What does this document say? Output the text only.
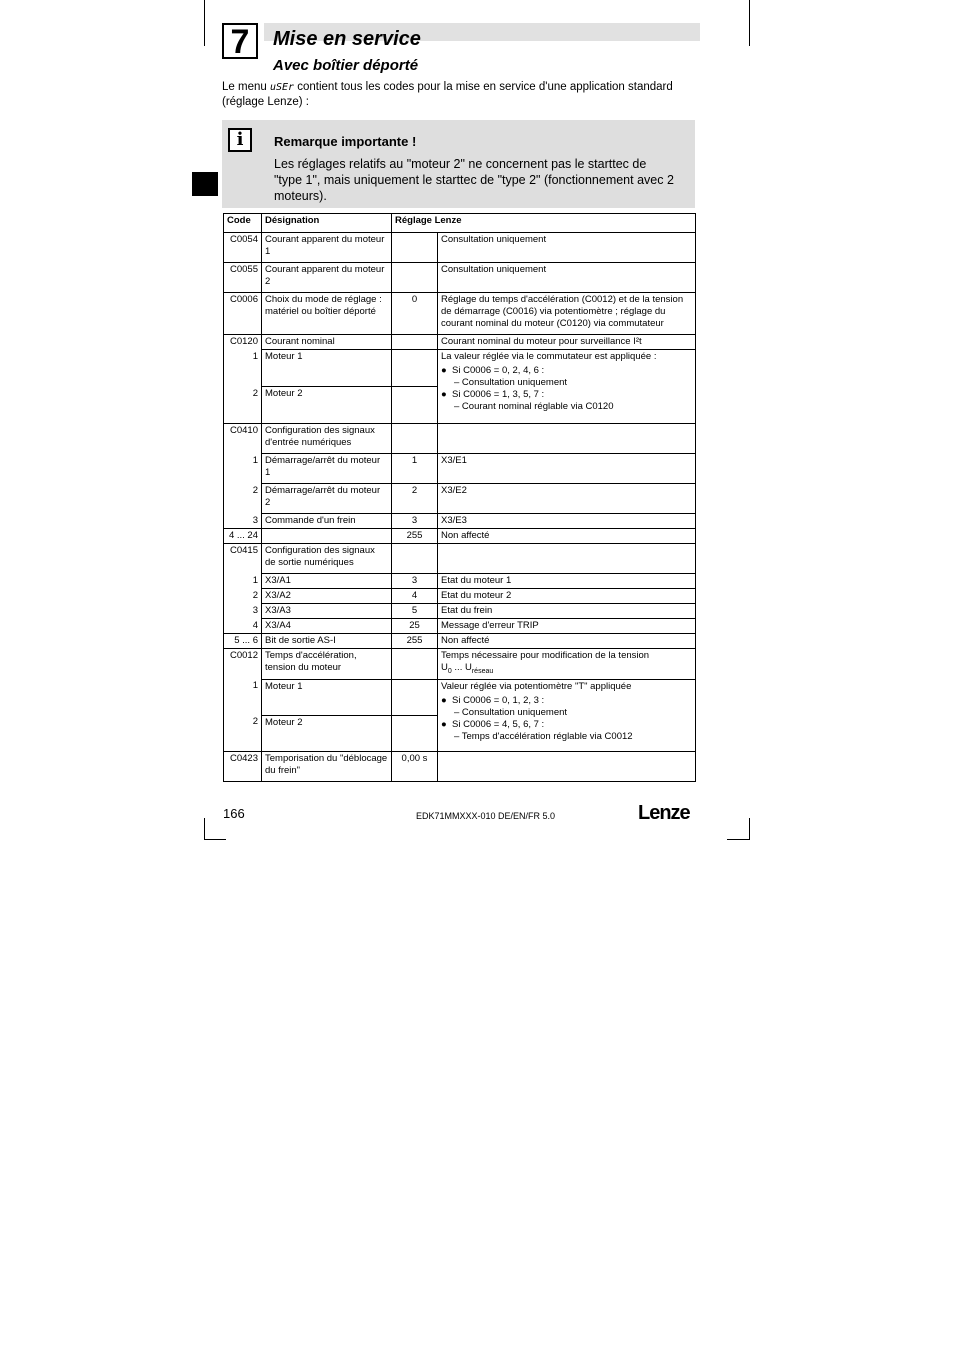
7	Mise en service
Avec boîtier déporté
Le menu uSEr contient tous les codes pour la mise en service d'une application standard (réglage Lenze) :
i	Remarque importante !
Les réglages relatifs au "moteur 2" ne concernent pas le starttec de "type 1", mais uniquement le starttec de "type 2" (fonctionnement avec 2 moteurs).
Code	Désignation	Réglage Lenze	
C0054	Courant apparent du moteur 1		Consultation uniquement
C0055	Courant apparent du moteur 2		Consultation uniquement
C0006	Choix du mode de réglage : matériel ou boîtier déporté	0	Réglage du temps d'accélération (C0012) et de la tension de démarrage (C0016) via potentiomètre ; réglage du courant nominal du moteur (C0120) via commutateur
C0120	Courant nominal		Courant nominal du moteur pour surveillance I²t
1	Moteur 1		La valeur réglée via le commutateur est appliquée :
●  Si C0006 = 0, 2, 4, 6 :
– Consultation uniquement
●  Si C0006 = 1, 3, 5, 7 :
– Courant nominal réglable via C0120

2	Moteur 2		
C0410	Configuration des signaux d'entrée numériques		
1	Démarrage/arrêt du moteur 1	1	X3/E1
2	Démarrage/arrêt du moteur 2	2	X3/E2
3	Commande d'un frein	3	X3/E3
4 ... 24		255	Non affecté
C0415	Configuration des signaux de sortie numériques		
1	X3/A1	3	Etat du moteur 1
2	X3/A2	4	Etat du moteur 2
3	X3/A3	5	Etat du frein
4	X3/A4	25	Message d'erreur TRIP
5 ... 6	Bit de sortie AS-I	255	Non affecté
C0012	Temps d'accélération, tension du moteur		Temps nécessaire pour modification de la tension
$U_0$ ... $U_{réseau}$

1	Moteur 1		Valeur réglée via potentiomètre "T" appliquée
●  Si C0006 = 0, 1, 2, 3 :
– Consultation uniquement
●  Si C0006 = 4, 5, 6, 7 :
– Temps d'accélération réglable via C0012

2	Moteur 2		
C0423	Temporisation du "déblocage du frein"	0,00 s	
166	EDK71MMXXX-010 DE/EN/FR 5.0	Lenze
